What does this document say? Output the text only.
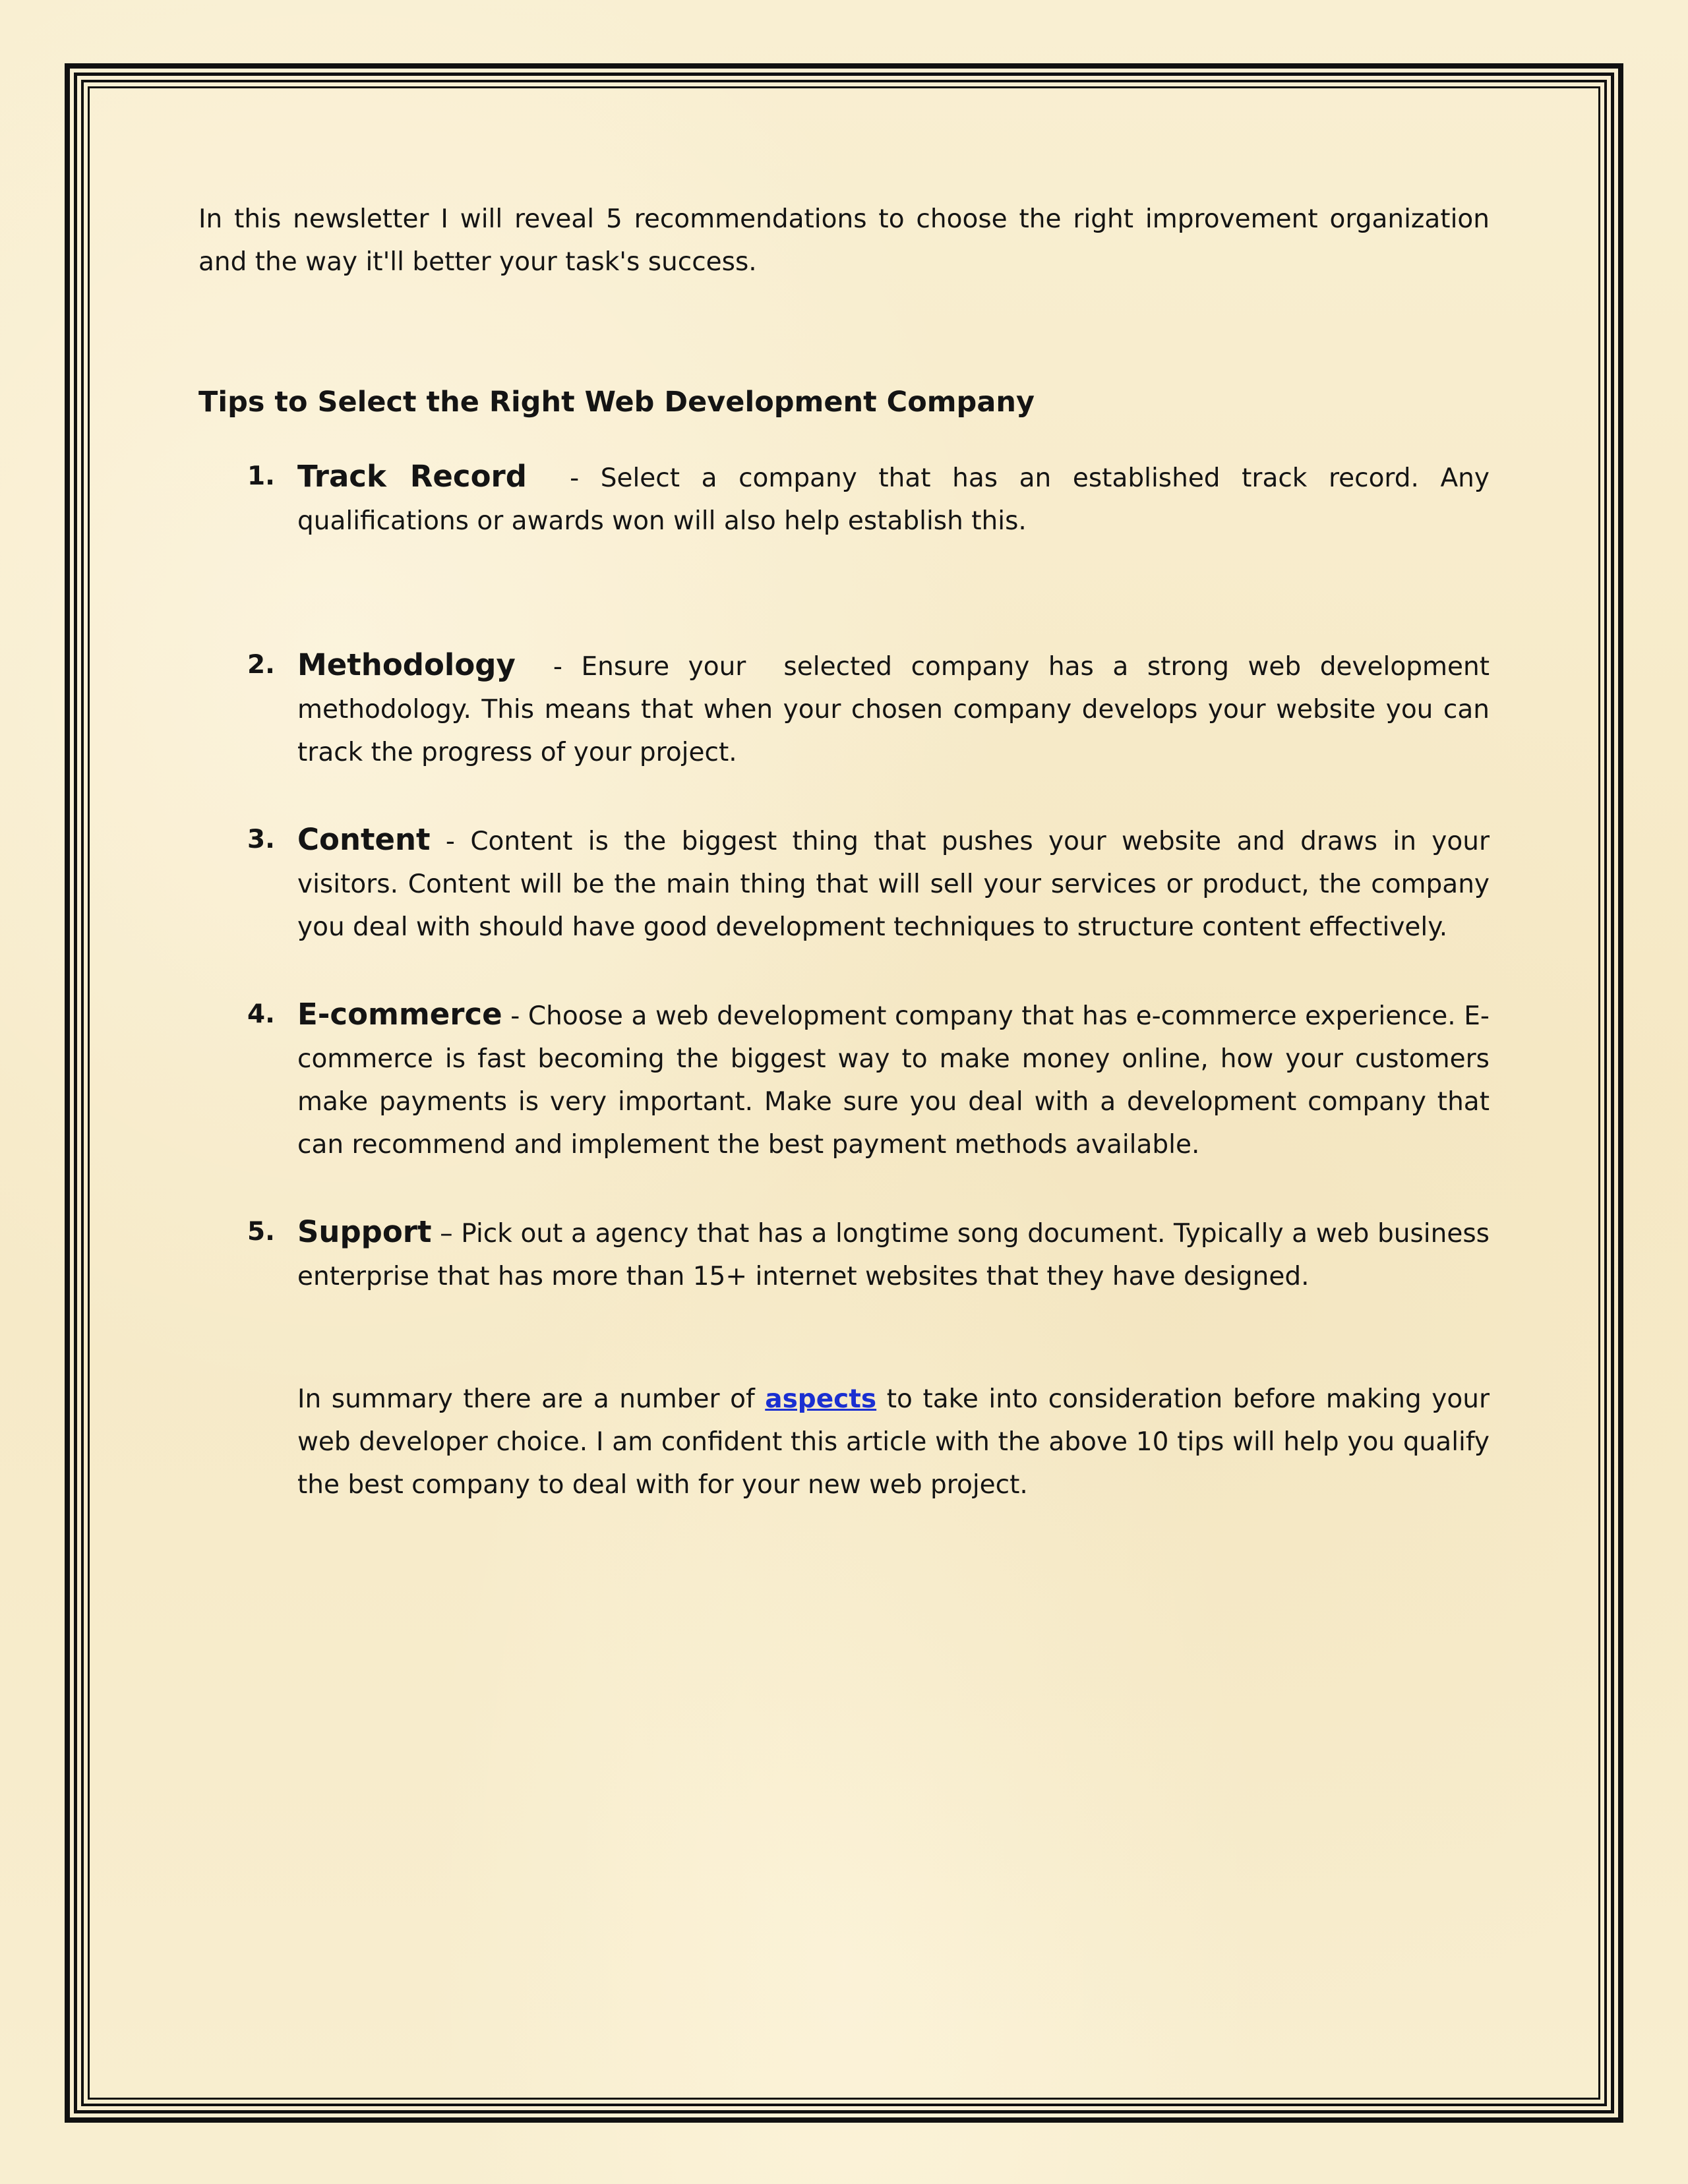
In this newsletter I will reveal 5 recommendations to choose the right improvement organization and the way it'll better your task's success.

Tips to Select the Right Web Development Company
1. Track Record  - Select a company that has an established track record. Any qualifications or awards won will also help establish this.
2. Methodology  - Ensure your  selected company has a strong web development methodology. This means that when your chosen company develops your website you can track the progress of your project.
3. Content - Content is the biggest thing that pushes your website and draws in your visitors. Content will be the main thing that will sell your services or product, the company you deal with should have good development techniques to structure content effectively.
4. E-commerce - Choose a web development company that has e-commerce experience. E-commerce is fast becoming the biggest way to make money online, how your customers make payments is very important. Make sure you deal with a development company that can recommend and implement the best payment methods available.
5. Support – Pick out a agency that has a longtime song document. Typically a web business enterprise that has more than 15+ internet websites that they have designed.

In summary there are a number of aspects to take into consideration before making your web developer choice. I am confident this article with the above 10 tips will help you qualify the best company to deal with for your new web project.
